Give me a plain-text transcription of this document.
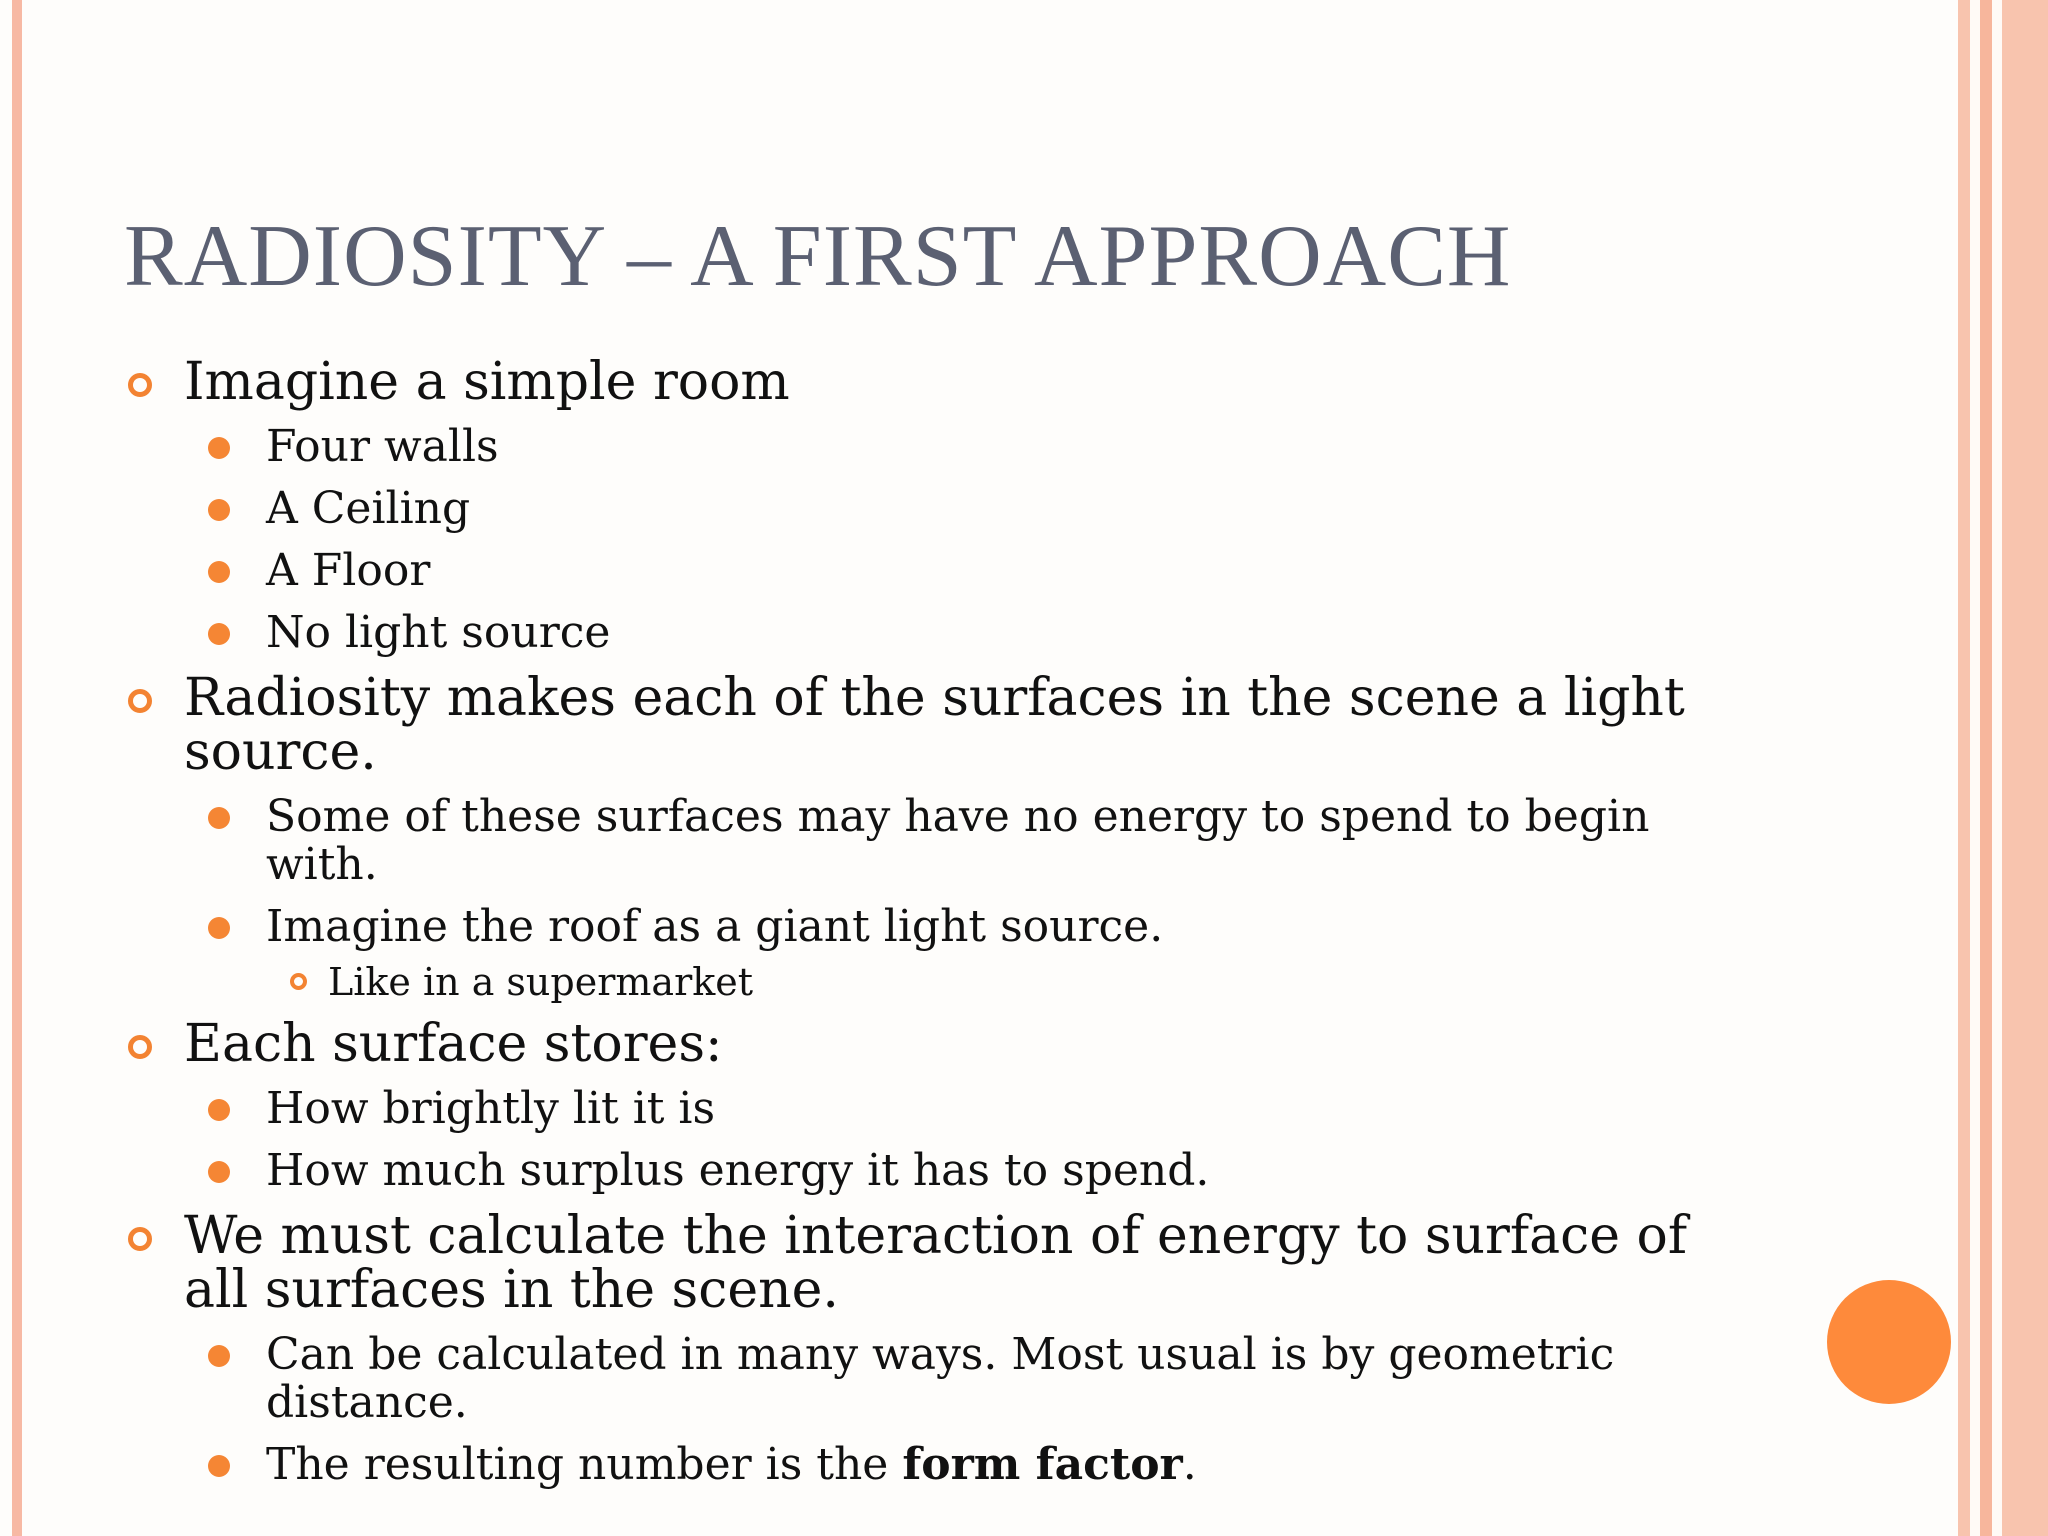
RADIOSITY – A FIRST APPROACH
Imagine a simple room
Four walls
A Ceiling
A Floor
No light source
Radiosity makes each of the surfaces in the scene a light source.
Some of these surfaces may have no energy to spend to begin with.
Imagine the roof as a giant light source.
Like in a supermarket
Each surface stores:
How brightly lit it is
How much surplus energy it has to spend.
We must calculate the interaction of energy to surface of all surfaces in the scene.
Can be calculated in many ways. Most usual is by geometric distance.
The resulting number is the form factor.
